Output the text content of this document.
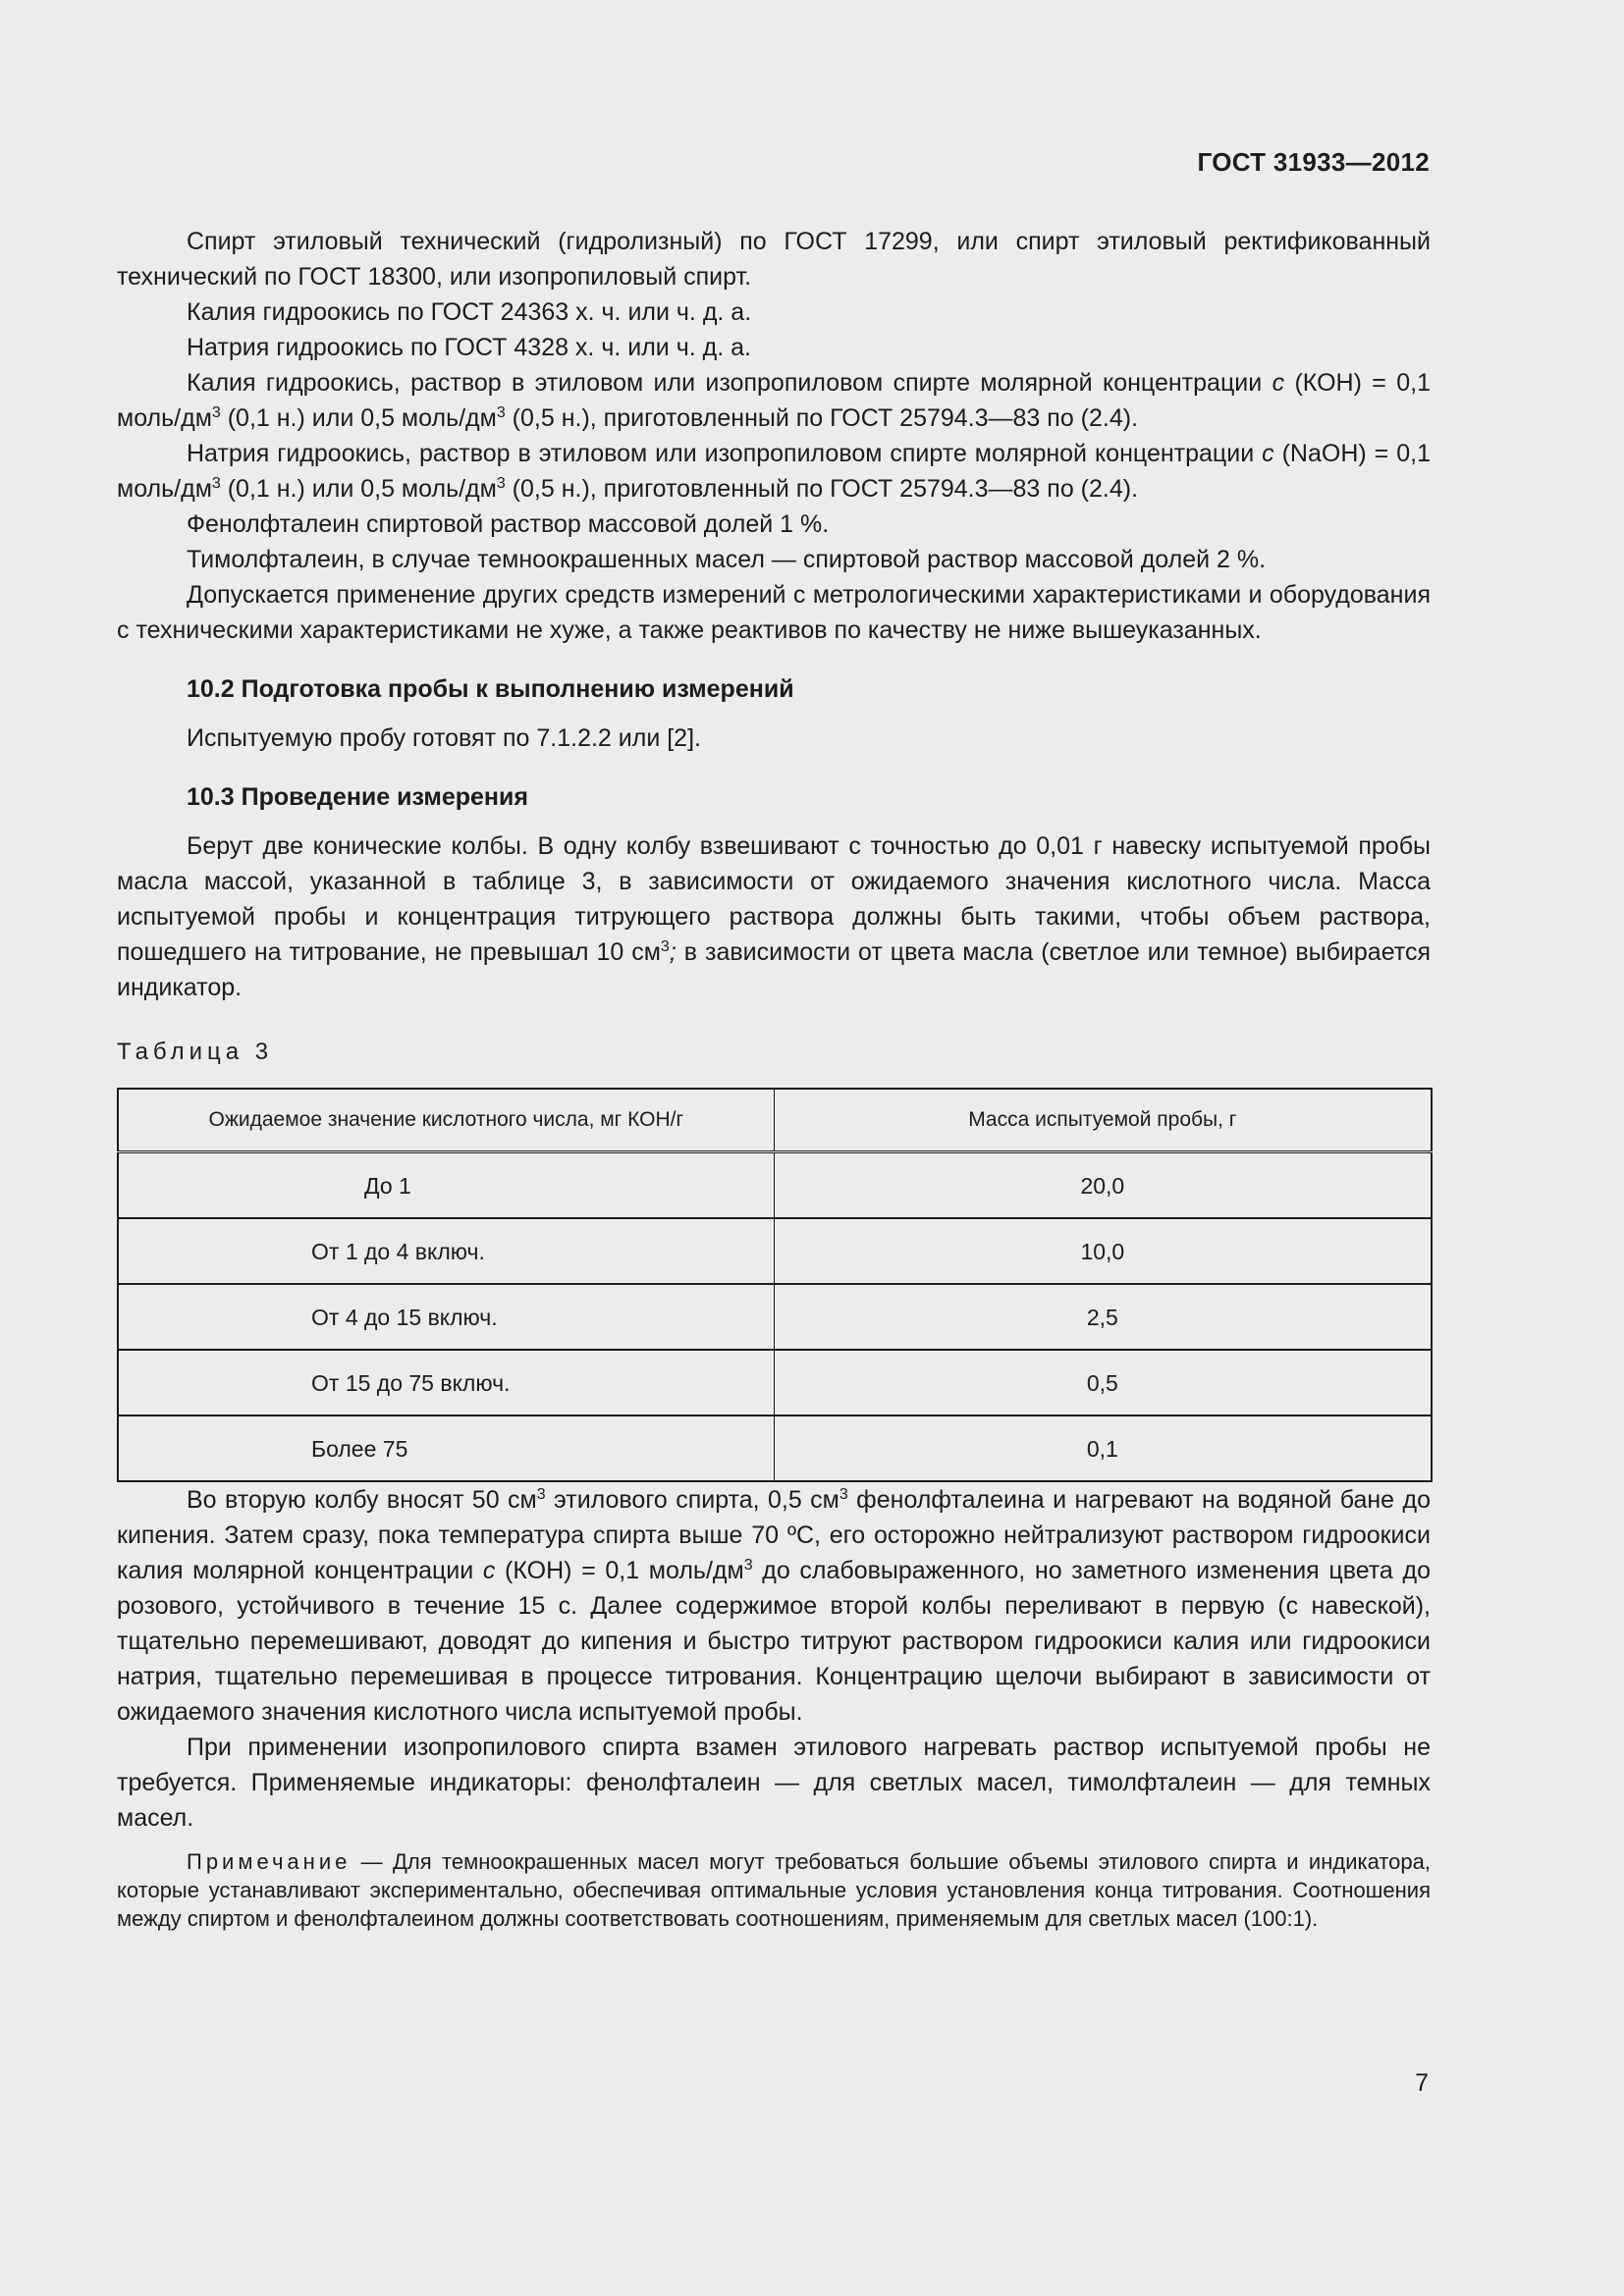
ГОСТ 31933—2012

Спирт этиловый технический (гидролизный) по ГОСТ 17299, или спирт этиловый ректификованный технический по ГОСТ 18300, или изопропиловый спирт.

Калия гидроокись по ГОСТ 24363 х. ч. или ч. д. а.

Натрия гидроокись по ГОСТ 4328 х. ч. или ч. д. а.

Калия гидроокись, раствор в этиловом или изопропиловом спирте молярной концентрации c (КОН) = 0,1 моль/$дм^3$ (0,1 н.) или 0,5 моль/$дм^3$ (0,5 н.), приготовленный по ГОСТ 25794.3—83 по (2.4).

Натрия гидроокись, раствор в этиловом или изопропиловом спирте молярной концентрации c (NaOH) = 0,1 моль/$дм^3$ (0,1 н.) или 0,5 моль/$дм^3$ (0,5 н.), приготовленный по ГОСТ 25794.3—83 по (2.4).

Фенолфталеин спиртовой раствор массовой долей 1 %.

Тимолфталеин, в случае темноокрашенных масел — спиртовой раствор массовой долей 2 %.

Допускается применение других средств измерений с метрологическими характеристиками и оборудования с техническими характеристиками не хуже, а также реактивов по качеству не ниже вышеуказанных.

10.2 Подготовка пробы к выполнению измерений

Испытуемую пробу готовят по 7.1.2.2 или [2].

10.3 Проведение измерения

Берут две конические колбы. В одну колбу взвешивают с точностью до 0,01 г навеску испытуемой пробы масла массой, указанной в таблице 3, в зависимости от ожидаемого значения кислотного числа. Масса испытуемой пробы и концентрация титрующего раствора должны быть такими, чтобы объем раствора, пошедшего на титрование, не превышал 10 $см^3$; в зависимости от цвета масла (светлое или темное) выбирается индикатор.

Таблица 3
Ожидаемое значение кислотного числа, мг КОН/г	Масса испытуемой пробы, г
До 1	20,0
От 1 до 4 включ.	10,0
От 4 до 15 включ.	2,5
От 15 до 75 включ.	0,5
Более 75	0,1

Во вторую колбу вносят 50 $см^3$ этилового спирта, 0,5 $см^3$ фенолфталеина и нагревают на водяной бане до кипения. Затем сразу, пока температура спирта выше 70 ºС, его осторожно нейтрализуют раствором гидроокиси калия молярной концентрации c (КОН) = 0,1 моль/$дм^3$ до слабовыраженного, но заметного изменения цвета до розового, устойчивого в течение 15 с. Далее содержимое второй колбы переливают в первую (с навеской), тщательно перемешивают, доводят до кипения и быстро титруют раствором гидроокиси калия или гидроокиси натрия, тщательно перемешивая в процессе титрования. Концентрацию щелочи выбирают в зависимости от ожидаемого значения кислотного числа испытуемой пробы.

При применении изопропилового спирта взамен этилового нагревать раствор испытуемой пробы не требуется. Применяемые индикаторы: фенолфталеин — для светлых масел, тимолфталеин — для темных масел.

Примечание — Для темноокрашенных масел могут требоваться большие объемы этилового спирта и индикатора, которые устанавливают экспериментально, обеспечивая оптимальные условия установления конца титрования. Соотношения между спиртом и фенолфталеином должны соответствовать соотношениям, применяемым для светлых масел (100:1).
7
